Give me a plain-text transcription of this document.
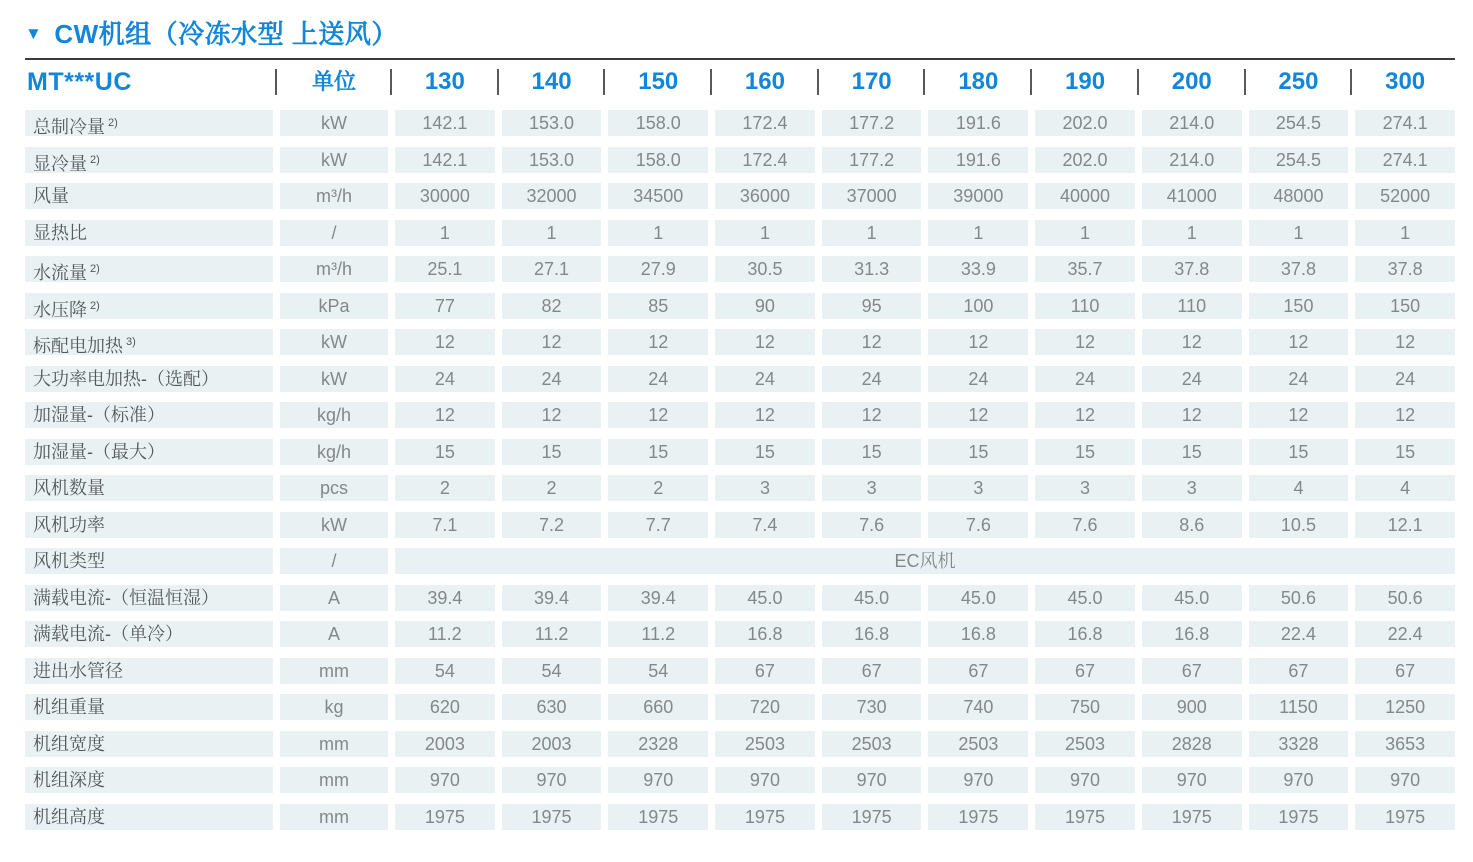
▼ CW机组（冷冻水型 上送风）
MT***UC	单位	130	140	150	160	170	180	190	200	250	300
总制冷量 $^{2)}$	kW	142.1	153.0	158.0	172.4	177.2	191.6	202.0	214.0	254.5	274.1
显冷量 $^{2)}$	kW	142.1	153.0	158.0	172.4	177.2	191.6	202.0	214.0	254.5	274.1
风量	m³/h	30000	32000	34500	36000	37000	39000	40000	41000	48000	52000
显热比	/	1	1	1	1	1	1	1	1	1	1
水流量 $^{2)}$	m³/h	25.1	27.1	27.9	30.5	31.3	33.9	35.7	37.8	37.8	37.8
水压降 $^{2)}$	kPa	77	82	85	90	95	100	110	110	150	150
标配电加热 $^{3)}$	kW	12	12	12	12	12	12	12	12	12	12
大功率电加热-（选配）	kW	24	24	24	24	24	24	24	24	24	24
加湿量-（标准）	kg/h	12	12	12	12	12	12	12	12	12	12
加湿量-（最大）	kg/h	15	15	15	15	15	15	15	15	15	15
风机数量	pcs	2	2	2	3	3	3	3	3	4	4
风机功率	kW	7.1	7.2	7.7	7.4	7.6	7.6	7.6	8.6	10.5	12.1
风机类型	/	EC风机
满载电流-（恒温恒湿）	A	39.4	39.4	39.4	45.0	45.0	45.0	45.0	45.0	50.6	50.6
满载电流-（单冷）	A	11.2	11.2	11.2	16.8	16.8	16.8	16.8	16.8	22.4	22.4
进出水管径	mm	54	54	54	67	67	67	67	67	67	67
机组重量	kg	620	630	660	720	730	740	750	900	1150	1250
机组宽度	mm	2003	2003	2328	2503	2503	2503	2503	2828	3328	3653
机组深度	mm	970	970	970	970	970	970	970	970	970	970
机组高度	mm	1975	1975	1975	1975	1975	1975	1975	1975	1975	1975
